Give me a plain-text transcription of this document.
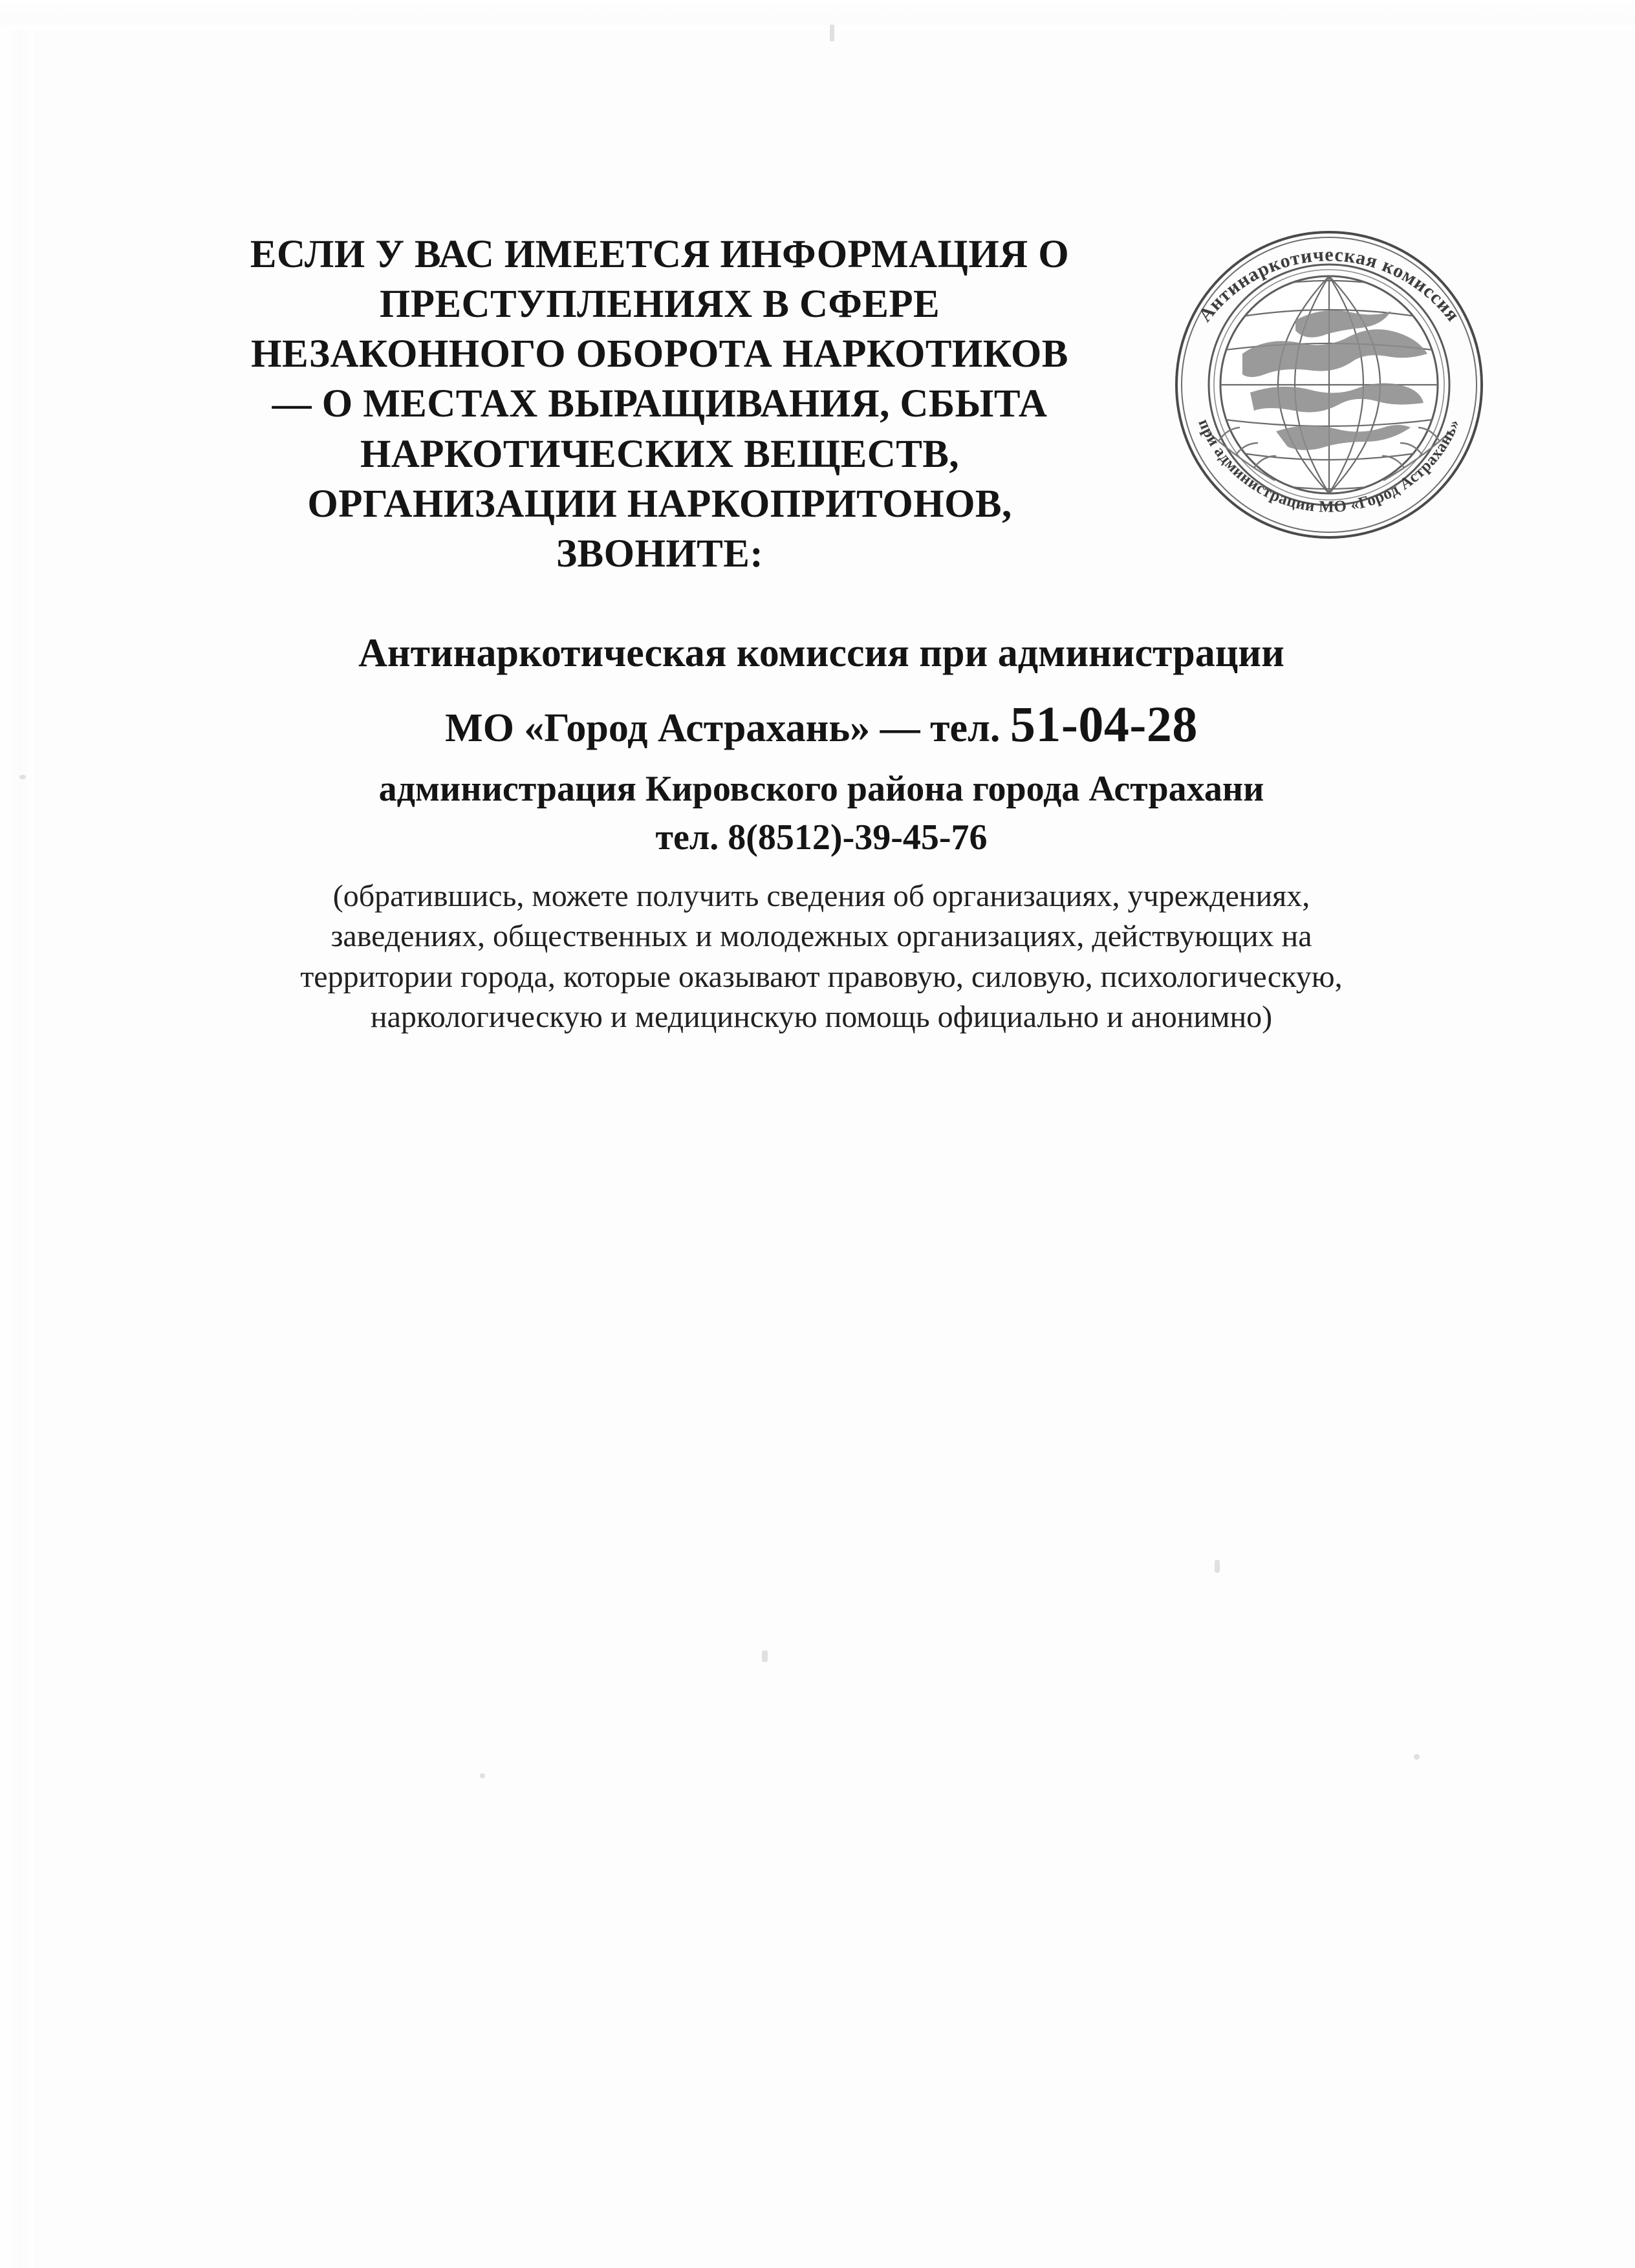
ЕСЛИ У ВАС ИМЕЕТСЯ ИНФОРМАЦИЯ О
ПРЕСТУПЛЕНИЯХ В СФЕРЕ
НЕЗАКОННОГО ОБОРОТА НАРКОТИКОВ
— О МЕСТАХ ВЫРАЩИВАНИЯ, СБЫТА
НАРКОТИЧЕСКИХ ВЕЩЕСТВ,
ОРГАНИЗАЦИИ НАРКОПРИТОНОВ,
ЗВОНИТЕ:
Антинаркотическая комиссия
при администрации МО «Город Астрахань»
Антинаркотическая комиссия при администрации
МО «Город Астрахань» — тел. 51-04-28
администрация Кировского района города Астрахани
тел. 8(8512)-39-45-76
(обратившись, можете получить сведения об организациях, учреждениях,
заведениях, общественных и молодежных организациях, действующих на
территории города, которые оказывают правовую, силовую, психологическую,
наркологическую и медицинскую помощь официально и анонимно)
